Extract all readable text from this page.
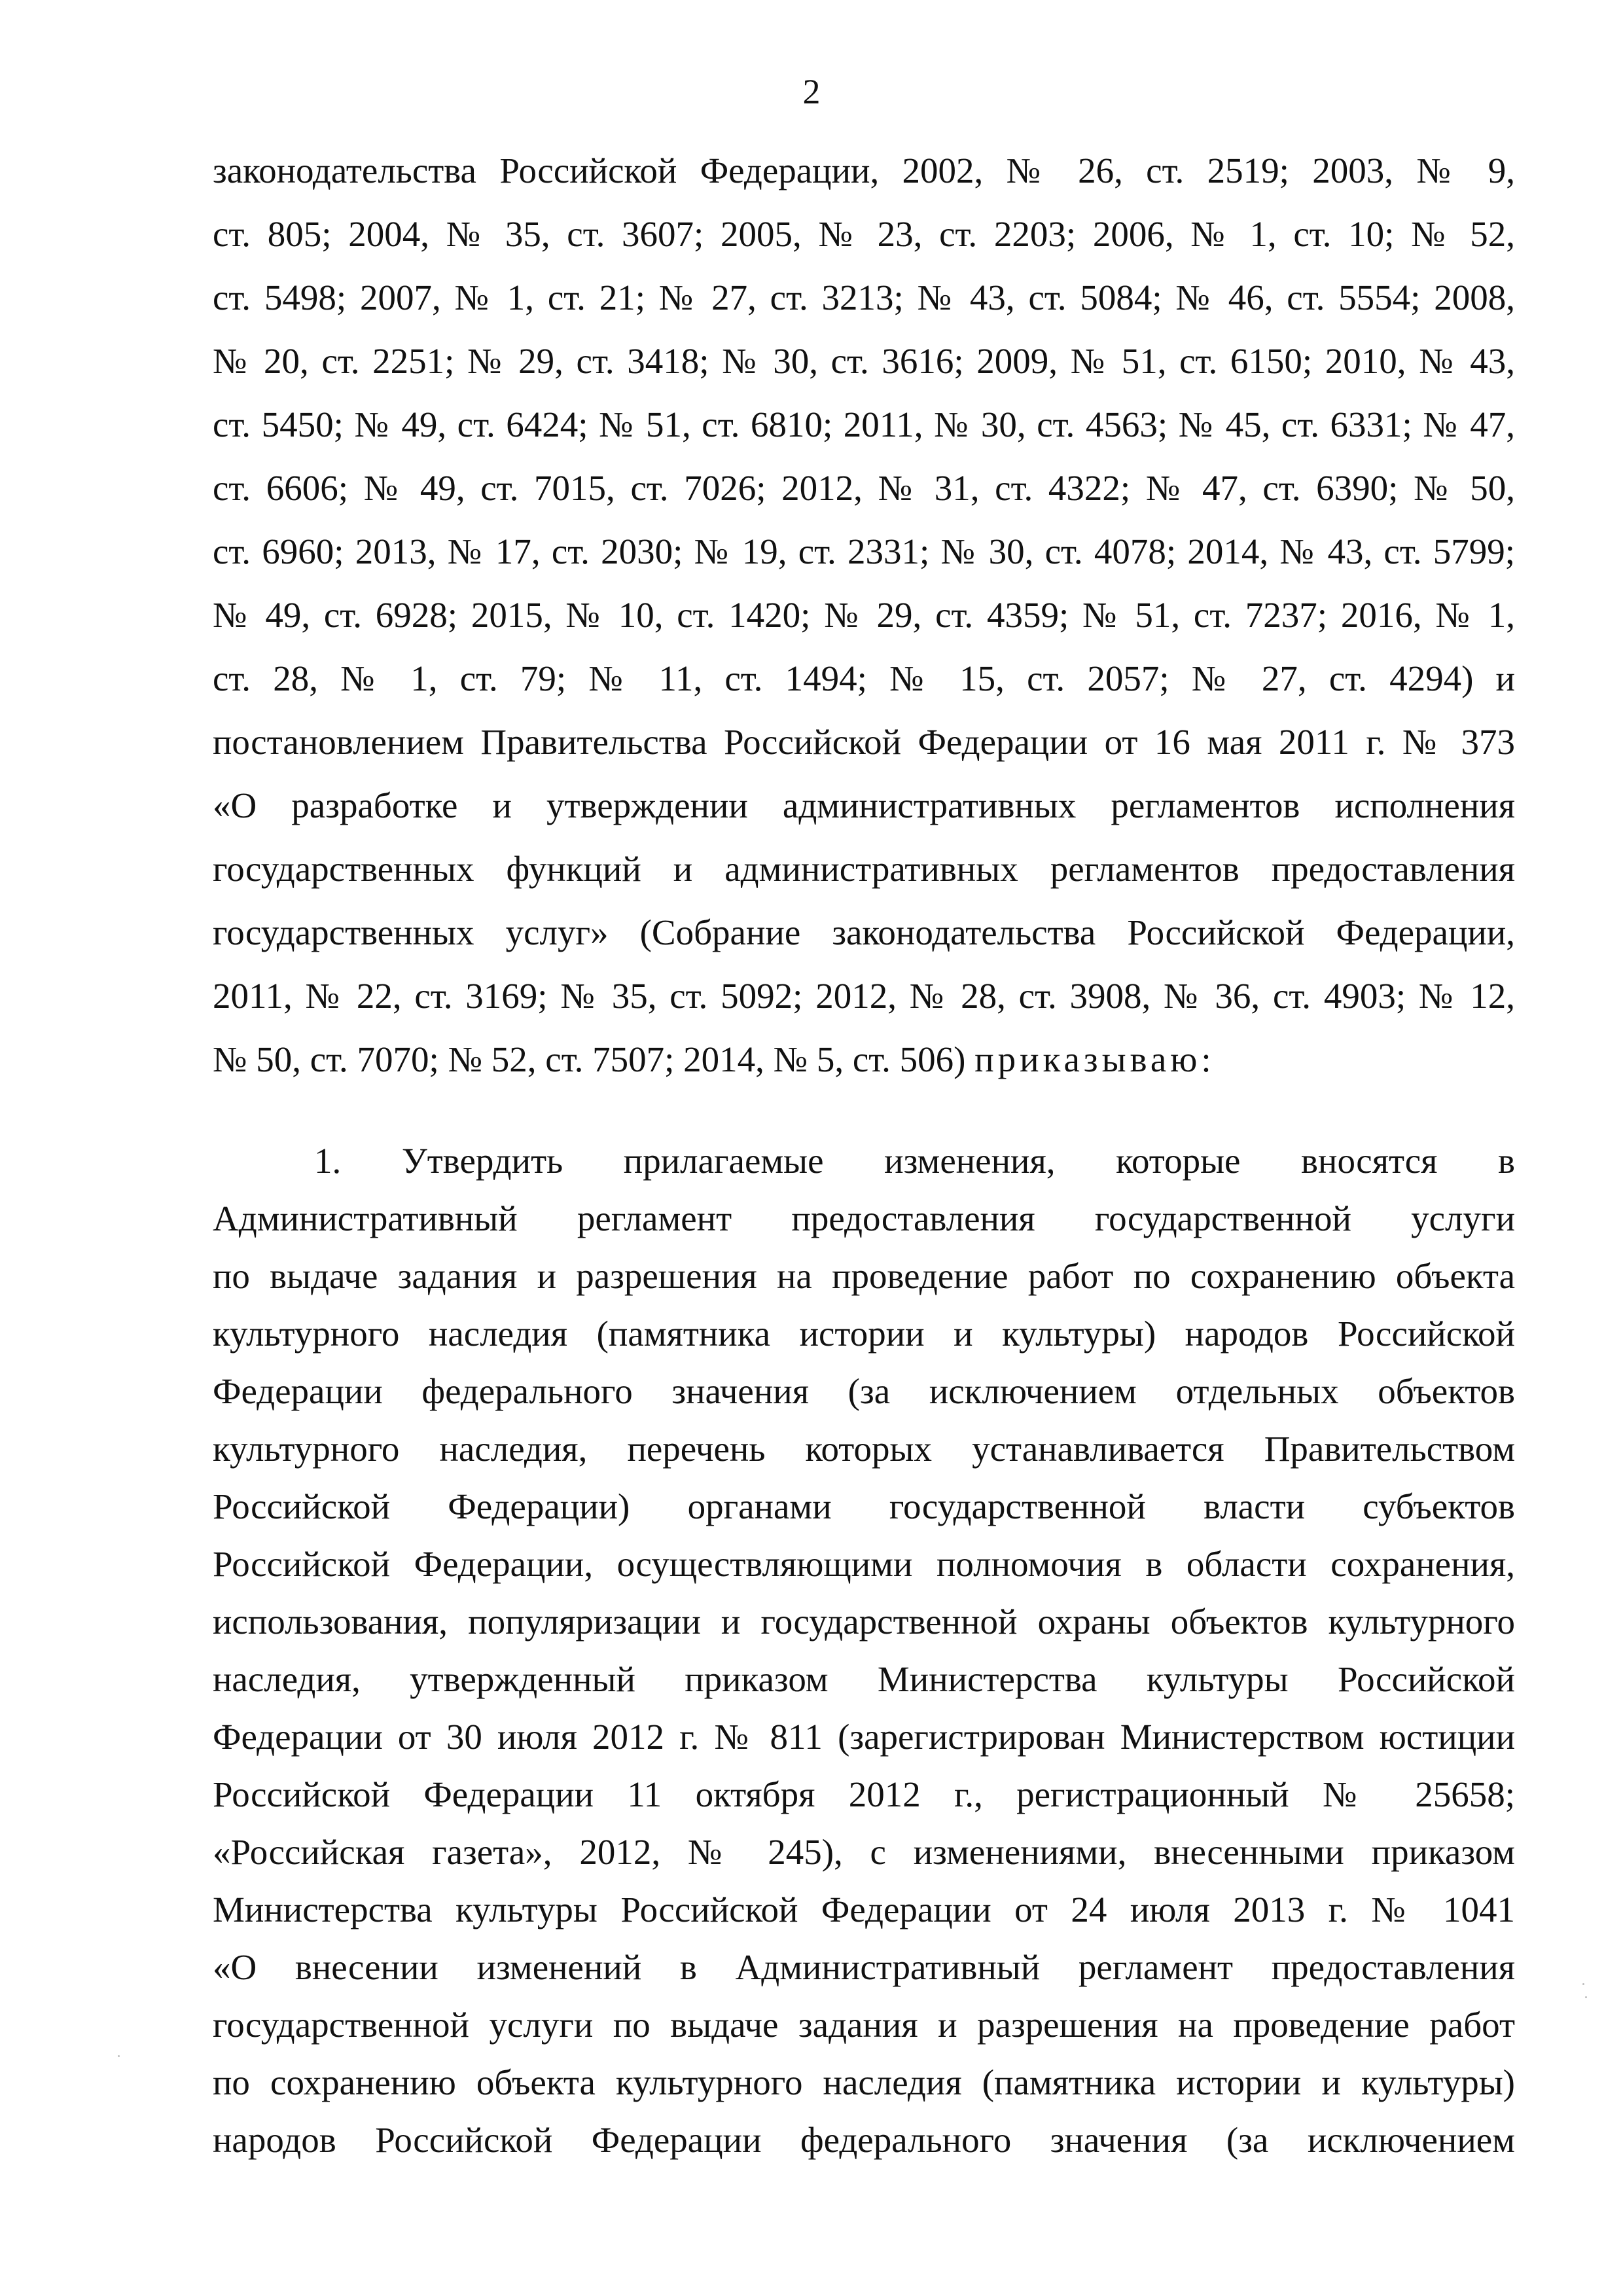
2
законодательства Российской Федерации, 2002, № 26, ст. 2519; 2003, № 9,
ст. 805; 2004, № 35, ст. 3607; 2005, № 23, ст. 2203; 2006, № 1, ст. 10; № 52,
ст. 5498; 2007, № 1, ст. 21; № 27, ст. 3213; № 43, ст. 5084; № 46, ст. 5554; 2008,
№ 20, ст. 2251; № 29, ст. 3418; № 30, ст. 3616; 2009, № 51, ст. 6150; 2010, № 43,
ст. 5450; № 49, ст. 6424; № 51, ст. 6810; 2011, № 30, ст. 4563; № 45, ст. 6331; № 47,
ст. 6606; № 49, ст. 7015, ст. 7026; 2012, № 31, ст. 4322; № 47, ст. 6390; № 50,
ст. 6960; 2013, № 17, ст. 2030; № 19, ст. 2331; № 30, ст. 4078; 2014, № 43, ст. 5799;
№ 49, ст. 6928; 2015, № 10, ст. 1420; № 29, ст. 4359; № 51, ст. 7237; 2016, № 1,
ст. 28, № 1, ст. 79; № 11, ст. 1494; № 15, ст. 2057; № 27, ст. 4294) и
постановлением Правительства Российской Федерации от 16 мая 2011 г. № 373
«О разработке и утверждении административных регламентов исполнения
государственных функций и административных регламентов предоставления
государственных услуг» (Собрание законодательства Российской Федерации,
2011, № 22, ст. 3169; № 35, ст. 5092; 2012, № 28, ст. 3908, № 36, ст. 4903; № 12,
№ 50, ст. 7070; № 52, ст. 7507; 2014, № 5, ст. 506) приказываю:
1. Утвердить прилагаемые изменения, которые вносятся в
Административный регламент предоставления государственной услуги
по выдаче задания и разрешения на проведение работ по сохранению объекта
культурного наследия (памятника истории и культуры) народов Российской
Федерации федерального значения (за исключением отдельных объектов
культурного наследия, перечень которых устанавливается Правительством
Российской Федерации) органами государственной власти субъектов
Российской Федерации, осуществляющими полномочия в области сохранения,
использования, популяризации и государственной охраны объектов культурного
наследия, утвержденный приказом Министерства культуры Российской
Федерации от 30 июля 2012 г. № 811 (зарегистрирован Министерством юстиции
Российской Федерации 11 октября 2012 г., регистрационный № 25658;
«Российская газета», 2012, № 245), с изменениями, внесенными приказом
Министерства культуры Российской Федерации от 24 июля 2013 г. № 1041
«О внесении изменений в Административный регламент предоставления
государственной услуги по выдаче задания и разрешения на проведение работ
по сохранению объекта культурного наследия (памятника истории и культуры)
народов Российской Федерации федерального значения (за исключением
